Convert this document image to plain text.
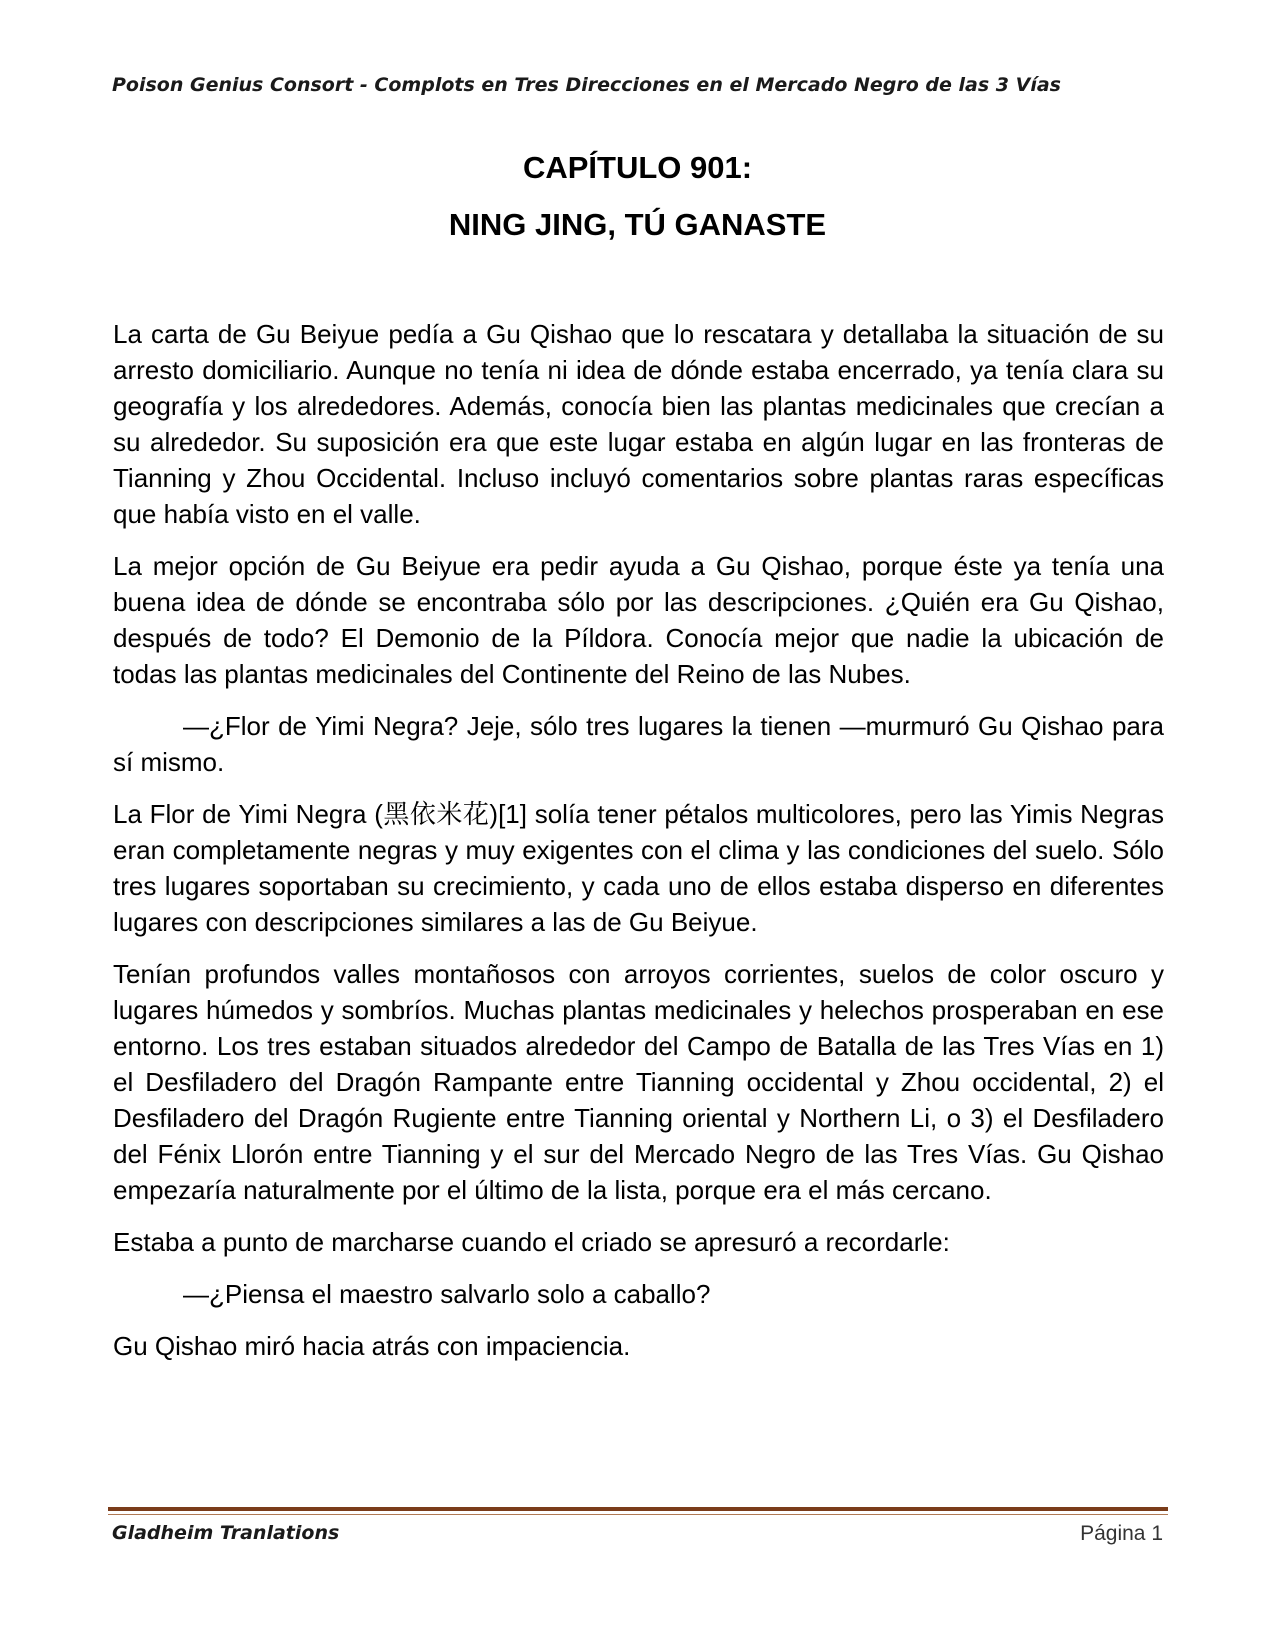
Poison Genius Consort - Complots en Tres Direcciones en el Mercado Negro de las 3 Vías
CAPÍTULO 901:
NING JING, TÚ GANASTE

La carta de Gu Beiyue pedía a Gu Qishao que lo rescatara y detallaba la situación de su arresto domiciliario. Aunque no tenía ni idea de dónde estaba encerrado, ya tenía clara su geografía y los alrededores. Además, conocía bien las plantas medicinales que crecían a su alrededor. Su suposición era que este lugar estaba en algún lugar en las fronteras de Tianning y Zhou Occidental. Incluso incluyó comentarios sobre plantas raras específicas que había visto en el valle.

La mejor opción de Gu Beiyue era pedir ayuda a Gu Qishao, porque éste ya tenía una buena idea de dónde se encontraba sólo por las descripciones. ¿Quién era Gu Qishao, después de todo? El Demonio de la Píldora. Conocía mejor que nadie la ubicación de todas las plantas medicinales del Continente del Reino de las Nubes.

—¿Flor de Yimi Negra? Jeje, sólo tres lugares la tienen —murmuró Gu Qishao para sí mismo.

La Flor de Yimi Negra (黑依米花)[1] solía tener pétalos multicolores, pero las Yimis Negras eran completamente negras y muy exigentes con el clima y las condiciones del suelo. Sólo tres lugares soportaban su crecimiento, y cada uno de ellos estaba disperso en diferentes lugares con descripciones similares a las de Gu Beiyue.

Tenían profundos valles montañosos con arroyos corrientes, suelos de color oscuro y lugares húmedos y sombríos. Muchas plantas medicinales y helechos prosperaban en ese entorno. Los tres estaban situados alrededor del Campo de Batalla de las Tres Vías en 1) el Desfiladero del Dragón Rampante entre Tianning occidental y Zhou occidental, 2) el Desfiladero del Dragón Rugiente entre Tianning oriental y Northern Li, o 3) el Desfiladero del Fénix Llorón entre Tianning y el sur del Mercado Negro de las Tres Vías. Gu Qishao empezaría naturalmente por el último de la lista, porque era el más cercano.

Estaba a punto de marcharse cuando el criado se apresuró a recordarle:

—¿Piensa el maestro salvarlo solo a caballo?

Gu Qishao miró hacia atrás con impaciencia.

Gladheim Tranlations	Página 1
